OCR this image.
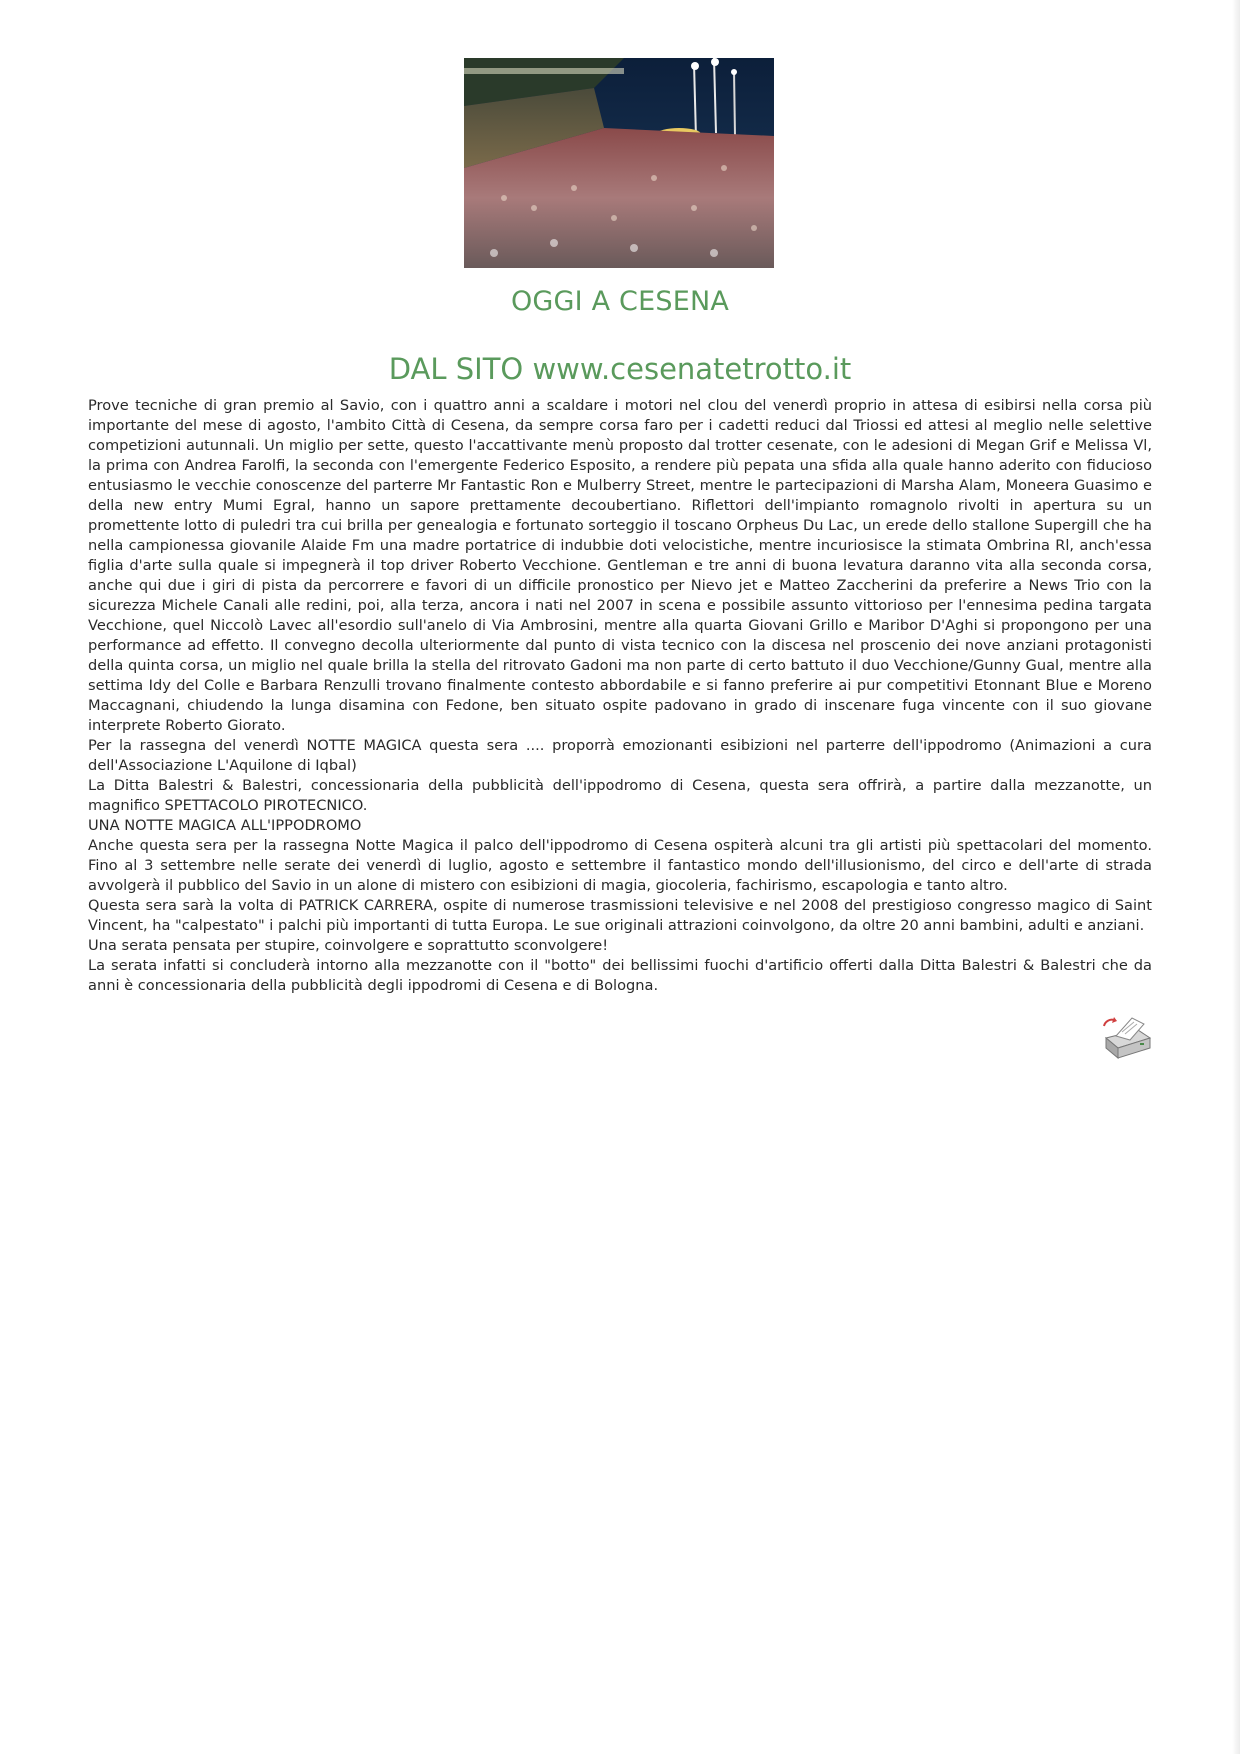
OGGI A CESENA
DAL SITO www.cesenatetrotto.it

Prove tecniche di gran premio al Savio, con i quattro anni a scaldare i motori nel clou del venerdì proprio in attesa di esibirsi nella corsa più importante del mese di agosto, l'ambito Città di Cesena, da sempre corsa faro per i cadetti reduci dal Triossi ed attesi al meglio nelle selettive competizioni autunnali. Un miglio per sette, questo l'accattivante menù proposto dal trotter cesenate, con le adesioni di Megan Grif e Melissa Vl, la prima con Andrea Farolfi, la seconda con l'emergente Federico Esposito, a rendere più pepata una sfida alla quale hanno aderito con fiducioso entusiasmo le vecchie conoscenze del parterre Mr Fantastic Ron e Mulberry Street, mentre le partecipazioni di Marsha Alam, Moneera Guasimo e della new entry Mumi Egral, hanno un sapore prettamente decoubertiano. Riflettori dell'impianto romagnolo rivolti in apertura su un promettente lotto di puledri tra cui brilla per genealogia e fortunato sorteggio il toscano Orpheus Du Lac, un erede dello stallone Supergill che ha nella campionessa giovanile Alaide Fm una madre portatrice di indubbie doti velocistiche, mentre incuriosisce la stimata Ombrina Rl, anch'essa figlia d'arte sulla quale si impegnerà il top driver Roberto Vecchione. Gentleman e tre anni di buona levatura daranno vita alla seconda corsa, anche qui due i giri di pista da percorrere e favori di un difficile pronostico per Nievo jet e Matteo Zaccherini da preferire a News Trio con la sicurezza Michele Canali alle redini, poi, alla terza, ancora i nati nel 2007 in scena e possibile assunto vittorioso per l'ennesima pedina targata Vecchione, quel Niccolò Lavec all'esordio sull'anelo di Via Ambrosini, mentre alla quarta Giovani Grillo e Maribor D'Aghi si propongono per una performance ad effetto. Il convegno decolla ulteriormente dal punto di vista tecnico con la discesa nel proscenio dei nove anziani protagonisti della quinta corsa, un miglio nel quale brilla la stella del ritrovato Gadoni ma non parte di certo battuto il duo Vecchione/Gunny Gual, mentre alla settima Idy del Colle e Barbara Renzulli trovano finalmente contesto abbordabile e si fanno preferire ai pur competitivi Etonnant Blue e Moreno Maccagnani, chiudendo la lunga disamina con Fedone, ben situato ospite padovano in grado di inscenare fuga vincente con il suo giovane interprete Roberto Giorato.

Per la rassegna del venerdì NOTTE MAGICA questa sera .... proporrà emozionanti esibizioni nel parterre dell'ippodromo (Animazioni a cura dell'Associazione L'Aquilone di Iqbal)

La Ditta Balestri & Balestri, concessionaria della pubblicità dell'ippodromo di Cesena, questa sera offrirà, a partire dalla mezzanotte, un magnifico SPETTACOLO PIROTECNICO.

UNA NOTTE MAGICA ALL'IPPODROMO

Anche questa sera per la rassegna Notte Magica il palco dell'ippodromo di Cesena ospiterà alcuni tra gli artisti più spettacolari del momento. Fino al 3 settembre nelle serate dei venerdì di luglio, agosto e settembre il fantastico mondo dell'illusionismo, del circo e dell'arte di strada avvolgerà il pubblico del Savio in un alone di mistero con esibizioni di magia, giocoleria, fachirismo, escapologia e tanto altro.

Questa sera sarà la volta di PATRICK CARRERA, ospite di numerose trasmissioni televisive e nel 2008 del prestigioso congresso magico di Saint Vincent, ha "calpestato" i palchi più importanti di tutta Europa. Le sue originali attrazioni coinvolgono, da oltre 20 anni bambini, adulti e anziani.

Una serata pensata per stupire, coinvolgere e soprattutto sconvolgere!

La serata infatti si concluderà intorno alla mezzanotte con il "botto" dei bellissimi fuochi d'artificio offerti dalla Ditta Balestri & Balestri che da anni è concessionaria della pubblicità degli ippodromi di Cesena e di Bologna.
